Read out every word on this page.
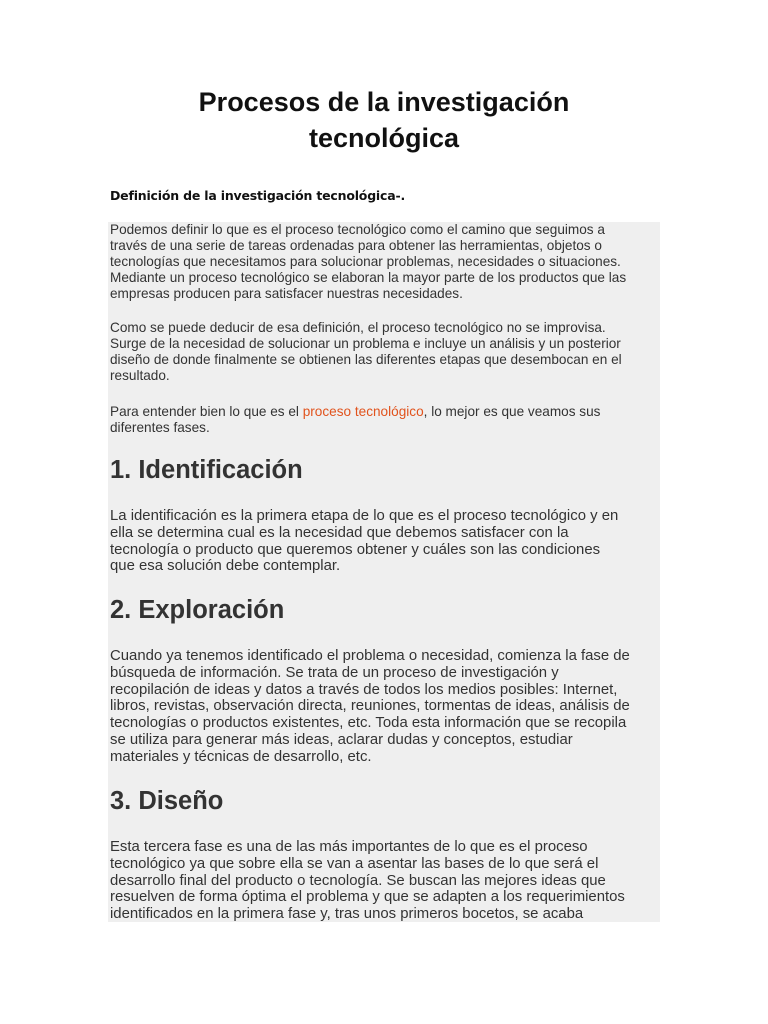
Procesos de la investigación
tecnológica

Definición de la investigación tecnológica-.

Podemos definir lo que es el proceso tecnológico como el camino que seguimos a
través de una serie de tareas ordenadas para obtener las herramientas, objetos o
tecnologías que necesitamos para solucionar problemas, necesidades o situaciones.
Mediante un proceso tecnológico se elaboran la mayor parte de los productos que las
empresas producen para satisfacer nuestras necesidades.

Como se puede deducir de esa definición, el proceso tecnológico no se improvisa.
Surge de la necesidad de solucionar un problema e incluye un análisis y un posterior
diseño de donde finalmente se obtienen las diferentes etapas que desembocan en el
resultado.

Para entender bien lo que es el proceso tecnológico, lo mejor es que veamos sus
diferentes fases.

1. Identificación

La identificación es la primera etapa de lo que es el proceso tecnológico y en
ella se determina cual es la necesidad que debemos satisfacer con la
tecnología o producto que queremos obtener y cuáles son las condiciones
que esa solución debe contemplar.

2. Exploración

Cuando ya tenemos identificado el problema o necesidad, comienza la fase de
búsqueda de información. Se trata de un proceso de investigación y
recopilación de ideas y datos a través de todos los medios posibles: Internet,
libros, revistas, observación directa, reuniones, tormentas de ideas, análisis de
tecnologías o productos existentes, etc. Toda esta información que se recopila
se utiliza para generar más ideas, aclarar dudas y conceptos, estudiar
materiales y técnicas de desarrollo, etc.

3. Diseño

Esta tercera fase es una de las más importantes de lo que es el proceso
tecnológico ya que sobre ella se van a asentar las bases de lo que será el
desarrollo final del producto o tecnología. Se buscan las mejores ideas que
resuelven de forma óptima el problema y que se adapten a los requerimientos
identificados en la primera fase y, tras unos primeros bocetos, se acaba
